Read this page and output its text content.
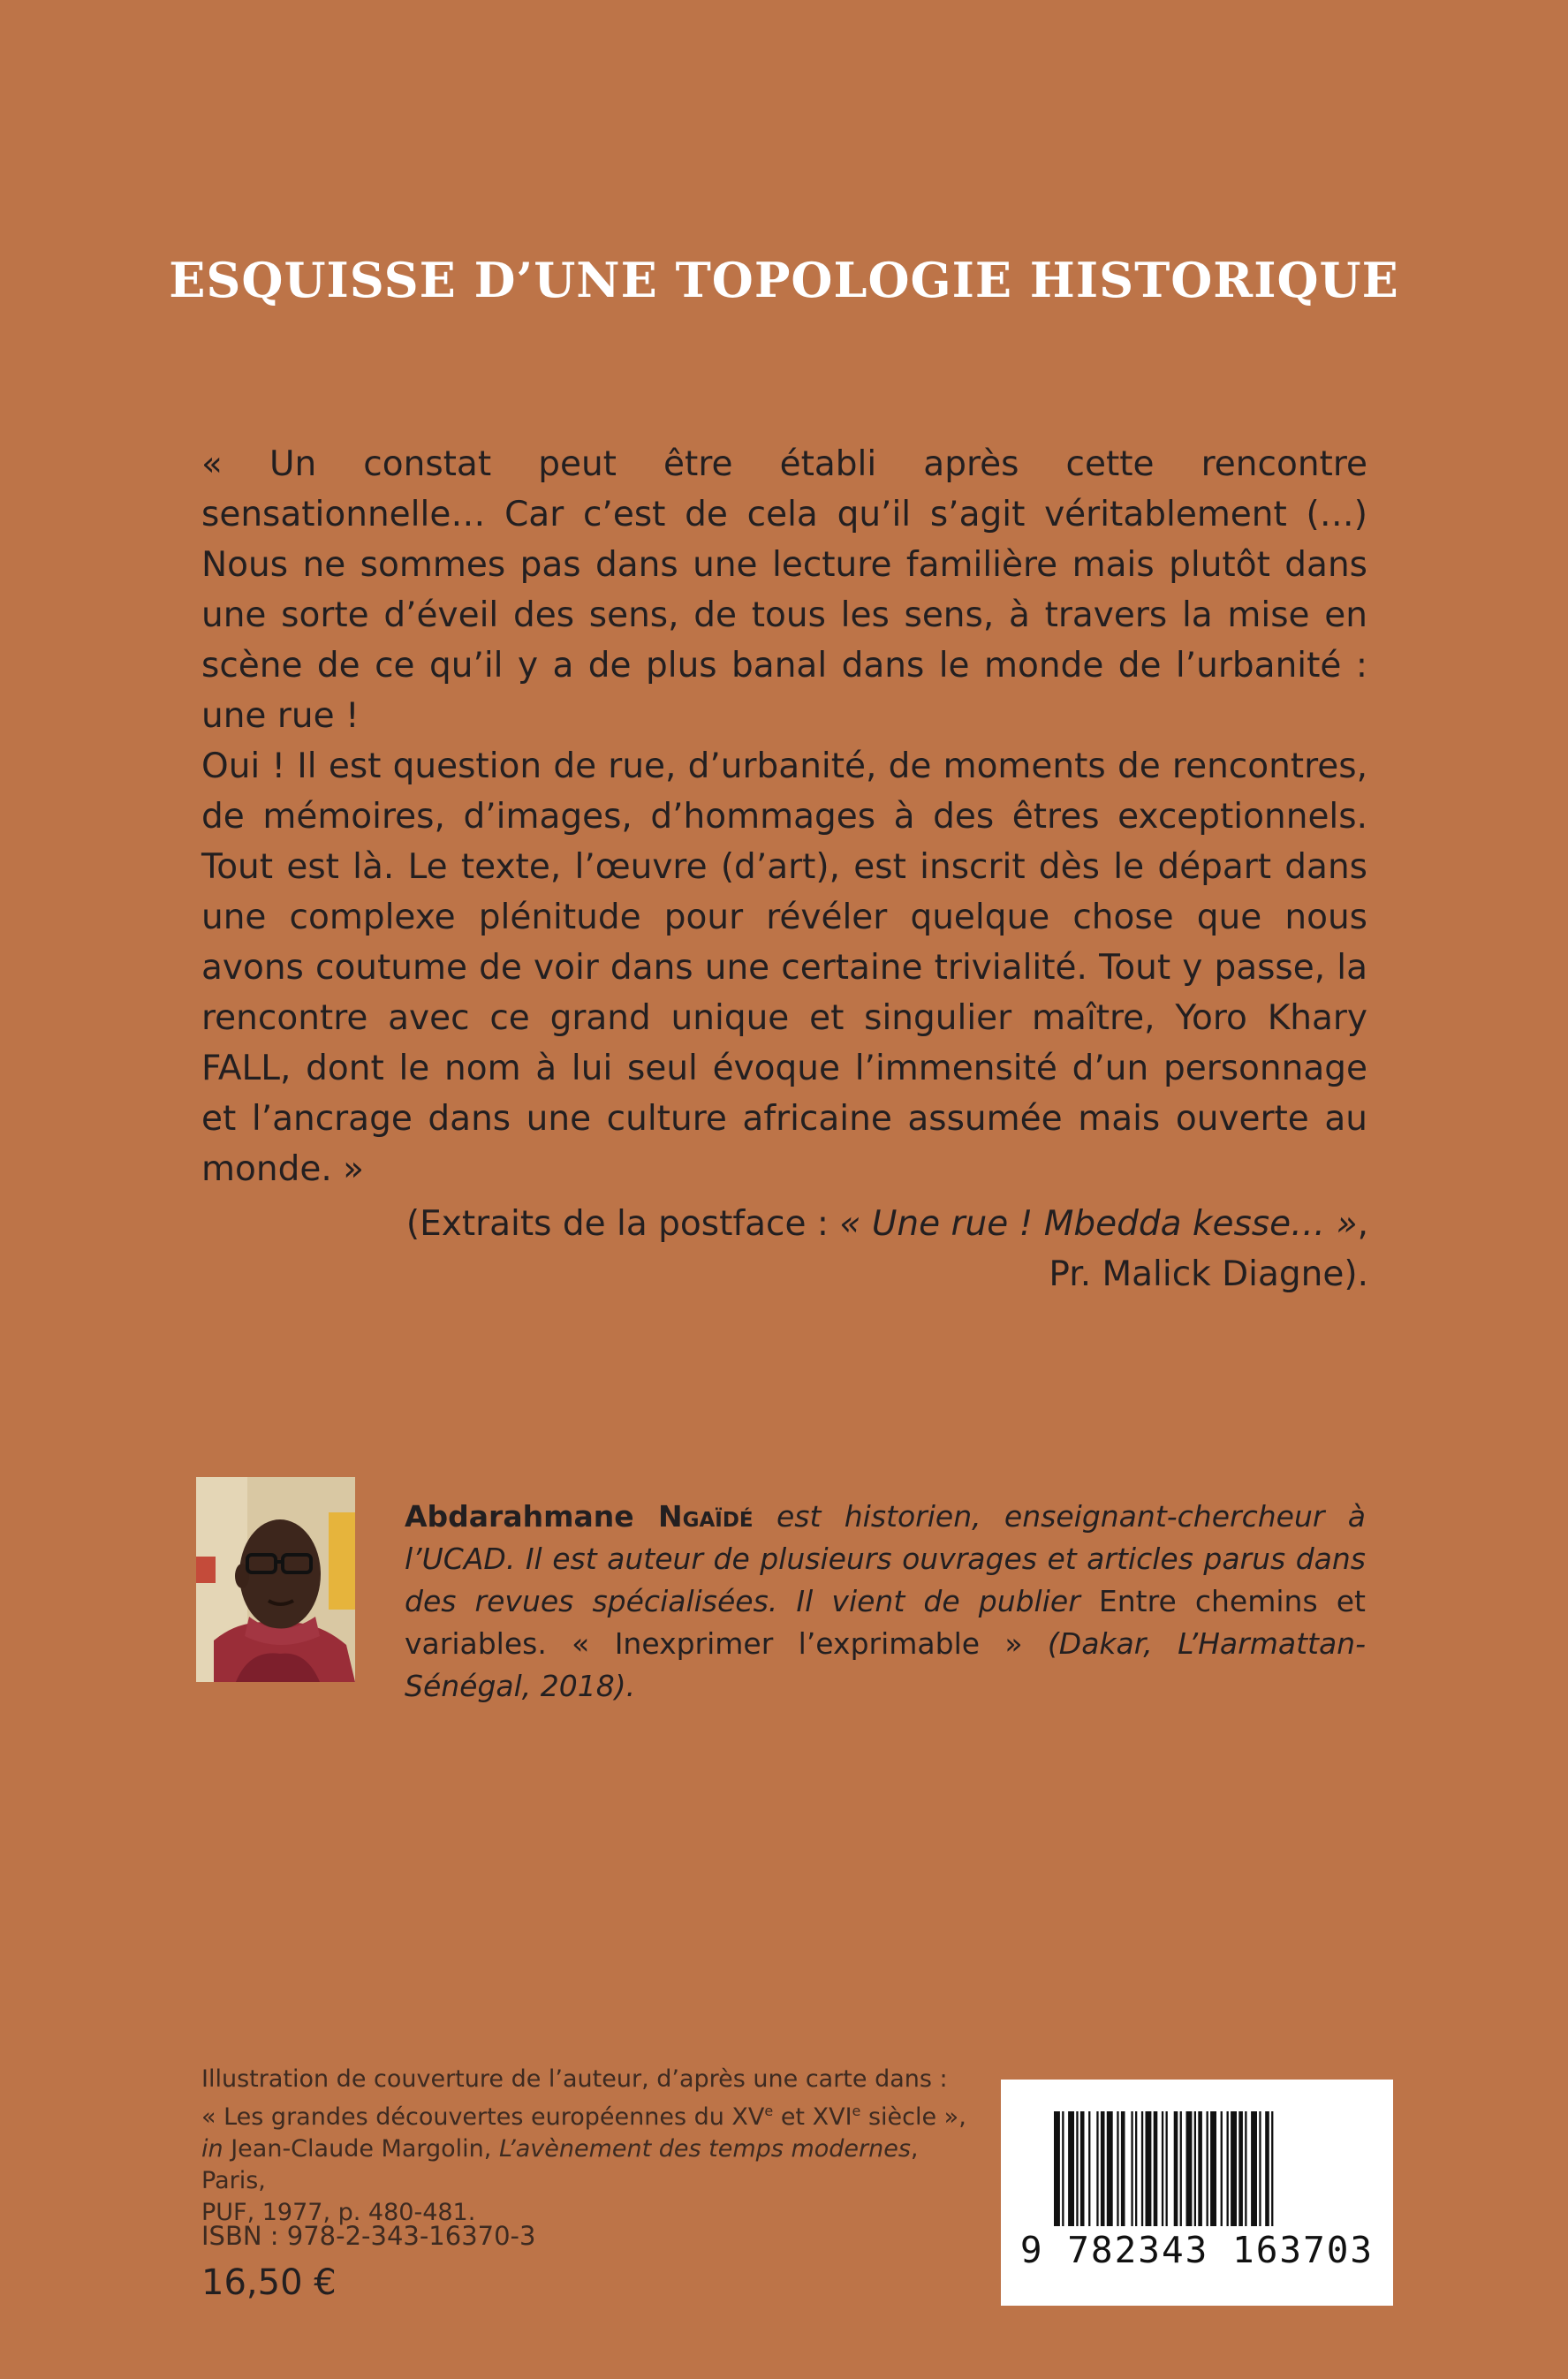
ESQUISSE D’UNE TOPOLOGIE HISTORIQUE

« Un constat peut être établi après cette rencontre sensationnelle… Car c’est de cela qu’il s’agit véritablement (…) Nous ne sommes pas dans une lecture familière mais plutôt dans une sorte d’éveil des sens, de tous les sens, à travers la mise en scène de ce qu’il y a de plus banal dans le monde de l’urbanité : une rue !

Oui ! Il est question de rue, d’urbanité, de moments de rencontres, de mémoires, d’images, d’hommages à des êtres exceptionnels. Tout est là. Le texte, l’œuvre (d’art), est inscrit dès le départ dans une complexe plénitude pour révéler quelque chose que nous avons coutume de voir dans une certaine trivialité. Tout y passe, la rencontre avec ce grand unique et singulier maître, Yoro Khary FALL, dont le nom à lui seul évoque l’immensité d’un personnage et l’ancrage dans une culture africaine assumée mais ouverte au monde. »

(Extraits de la postface : « Une rue ! Mbedda kesse… »,
Pr. Malick Diagne).
Abdarahmane Ngaïdé est historien, enseignant-chercheur à l’UCAD. Il est auteur de plusieurs ouvrages et articles parus dans des revues spécialisées. Il vient de publier Entre chemins et variables. « Inexprimer l’exprimable » (Dakar, L’Harmattan-Sénégal, 2018).
Illustration de couverture de l’auteur, d’après une carte dans :
« Les grandes découvertes européennes du XVe et XVIe siècle »,
in Jean-Claude Margolin, L’avènement des temps modernes, Paris,
PUF, 1977, p. 480-481.
ISBN : 978-2-343-16370-3
16,50 €
9 782343 163703
